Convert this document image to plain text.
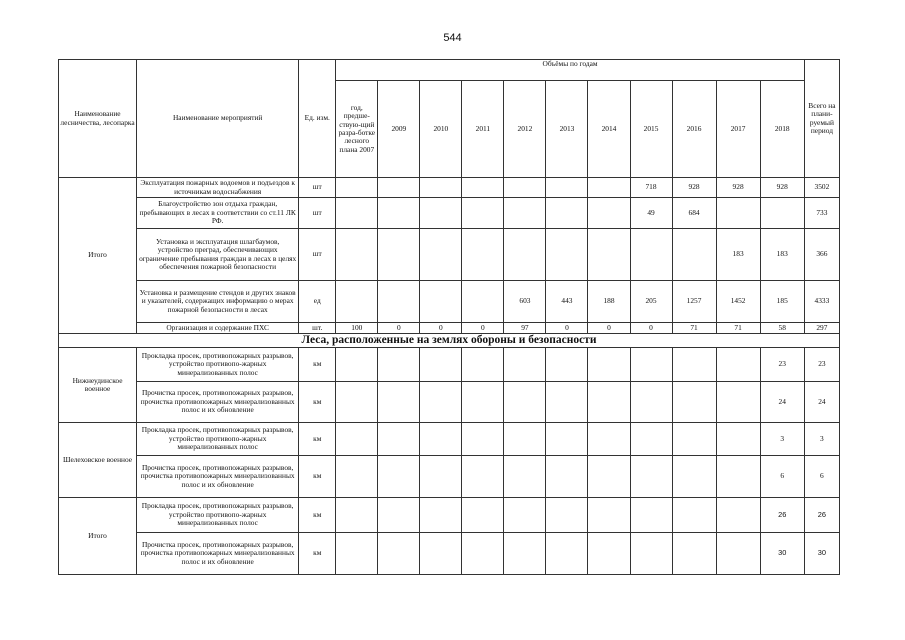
544
Наименование лесничества, лесопарка	Наименование мероприятий	Ед. изм.	Объёмы по годам											Всего на плани-руемый период
			год, предше-ствую-щий разра-ботке лесного плана 2007	2009	2010	2011	2012	2013	2014	2015	2016	2017	2018	
Итого	Эксплуатация пожарных водоемов и подъездов к источникам водоснабжения	шт								718	928	928	928	3502
	Благоустройство зон отдыха граждан, пребывающих в лесах в соответствии со ст.11 ЛК РФ.	шт								49	684			733
	Установка и эксплуатация шлагбаумов, устройство преград, обеспечивающих ограничение пребывания граждан в лесах в целях обеспечения пожарной безопасности	шт										183	183	366
	Установка и размещение стендов и других знаков и указателей, содержащих информацию о мерах пожарной безопасности в лесах	ед					603	443	188	205	1257	1452	185	4333
	Организация и содержание ПХС	шт.	100	0	0	0	97	0	0	0	71	71	58	297
Леса, расположенные на землях обороны и безопасности														
Нижнеудинское военное	Прокладка просек, противопожарных разрывов, устройство противопо-жарных минерализованных полос	км											23	23
	Прочистка просек, противопожарных разрывов, прочистка противопожарных минерализованных полос и их обновление	км											24	24
Шелеховское военное	Прокладка просек, противопожарных разрывов, устройство противопо-жарных минерализованных полос	км											3	3
	Прочистка просек, противопожарных разрывов, прочистка противопожарных минерализованных полос и их обновление	км											6	6
Итого	Прокладка просек, противопожарных разрывов, устройство противопо-жарных минерализованных полос	км											26	26
	Прочистка просек, противопожарных разрывов, прочистка противопожарных минерализованных полос и их обновление	км											30	30
